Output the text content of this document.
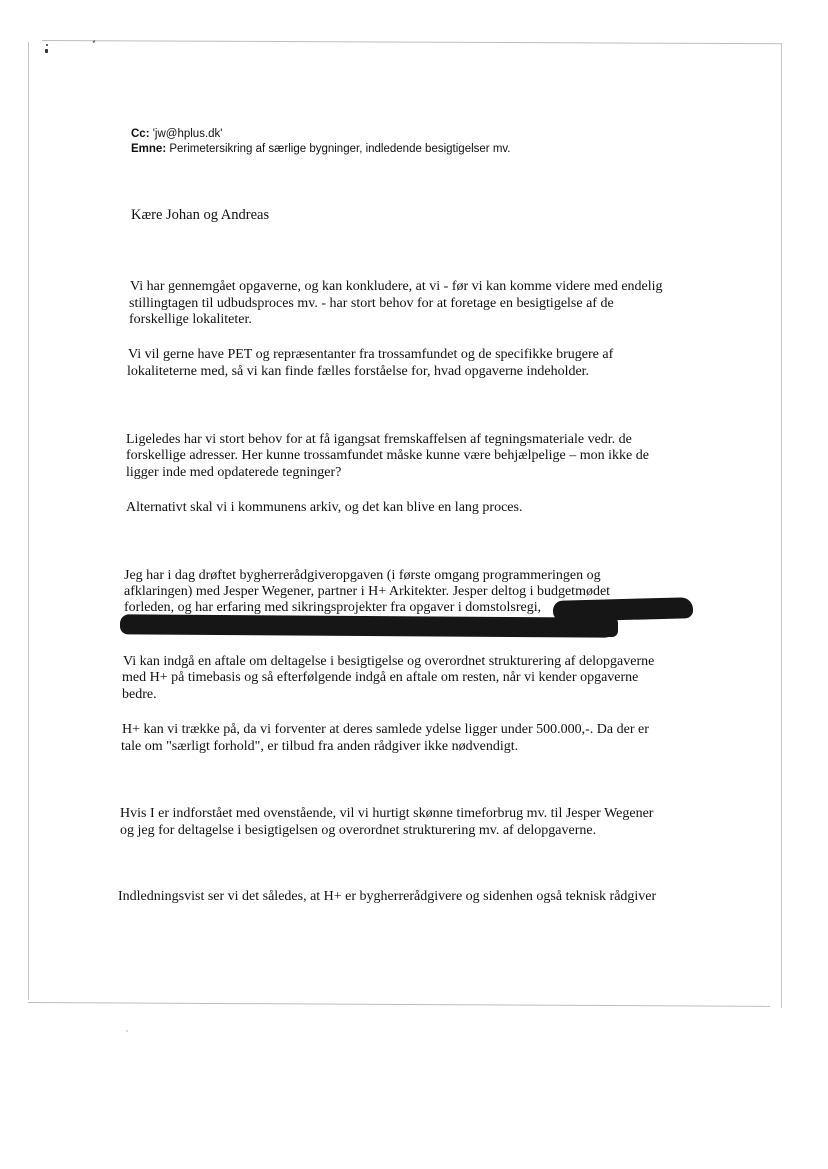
Cc: 'jw@hplus.dk'
Emne: Perimetersikring af særlige bygninger, indledende besigtigelser mv.
Kære Johan og Andreas
Vi har gennemgået opgaverne, og kan konkludere, at vi - før vi kan komme videre med endelig
stillingtagen til udbudsproces mv. - har stort behov for at foretage en besigtigelse af de
forskellige lokaliteter.
Vi vil gerne have PET og repræsentanter fra trossamfundet og de specifikke brugere af
lokaliteterne med, så vi kan finde fælles forståelse for, hvad opgaverne indeholder.
Ligeledes har vi stort behov for at få igangsat fremskaffelsen af tegningsmateriale vedr. de
forskellige adresser. Her kunne trossamfundet måske kunne være behjælpelige – mon ikke de
ligger inde med opdaterede tegninger?
Alternativt skal vi i kommunens arkiv, og det kan blive en lang proces.
Jeg har i dag drøftet bygherrerådgiveropgaven (i første omgang programmeringen og
afklaringen) med Jesper Wegener, partner i H+ Arkitekter. Jesper deltog i budgetmødet
forleden, og har erfaring med sikringsprojekter fra opgaver i domstolsregi,
Vi kan indgå en aftale om deltagelse i besigtigelse og overordnet strukturering af delopgaverne
med H+ på timebasis og så efterfølgende indgå en aftale om resten, når vi kender opgaverne
bedre.
H+ kan vi trække på, da vi forventer at deres samlede ydelse ligger under 500.000,-. Da der er
tale om "særligt forhold", er tilbud fra anden rådgiver ikke nødvendigt.
Hvis I er indforstået med ovenstående, vil vi hurtigt skønne timeforbrug mv. til Jesper Wegener
og jeg for deltagelse i besigtigelsen og overordnet strukturering mv. af delopgaverne.
Indledningsvist ser vi det således, at H+ er bygherrerådgivere og sidenhen også teknisk rådgiver
